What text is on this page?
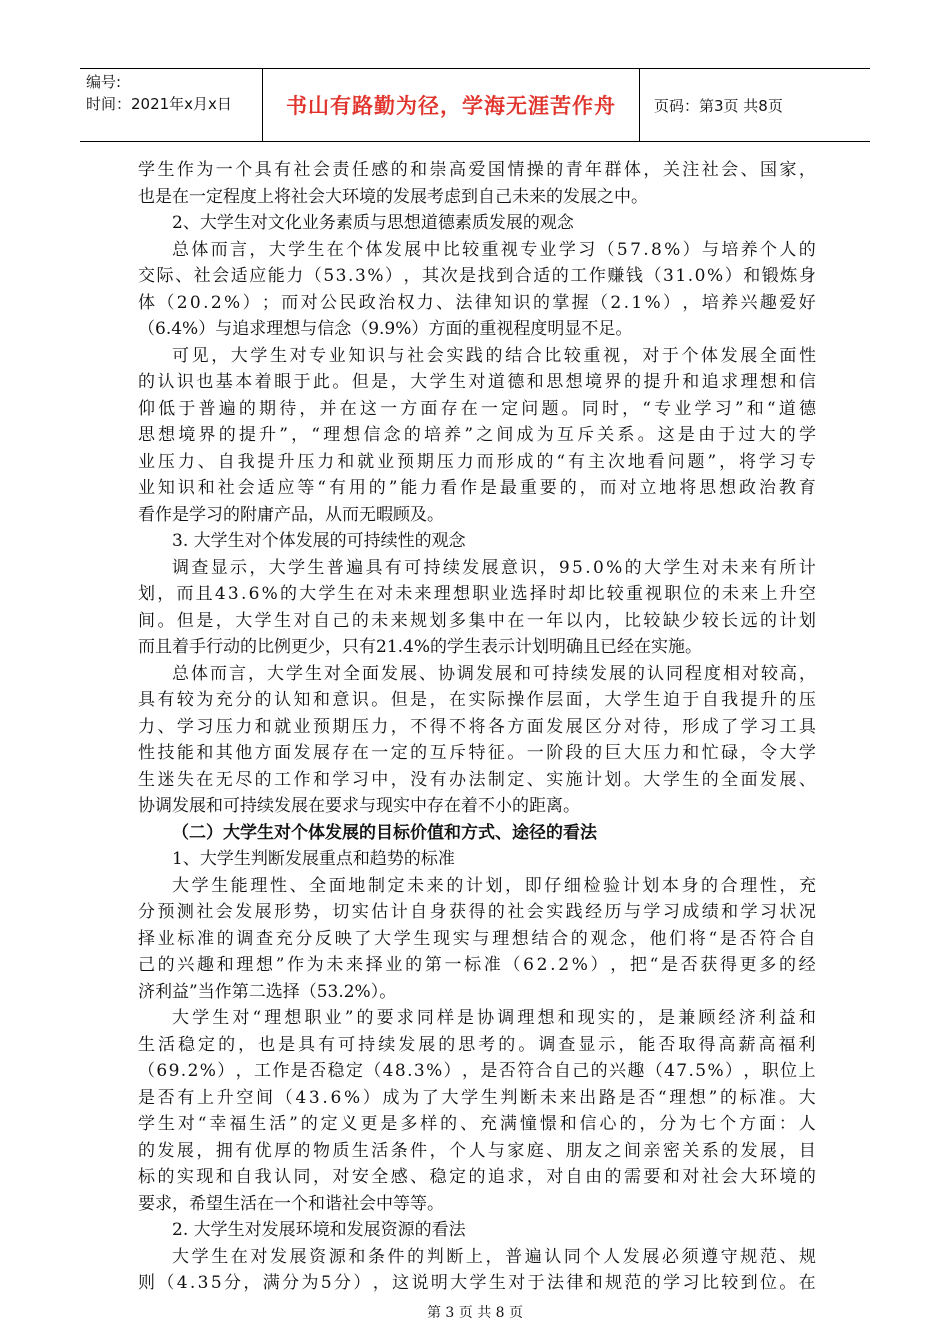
编号:
时间：2021年x月x日	书山有路勤为径，学海无涯苦作舟	页码：第3页 共8页
学 生 作 为 一 个 具 有 社 会 责 任 感 的 和 崇 高 爱 国 情 操 的 青 年 群 体 ， 关 注 社 会 、 国 家 ，
也是在一定程度上将社会大环境的发展考虑到自己未来的发展之中。
2、大学生对文化业务素质与思想道德素质发展的观念
总 体 而 言 ， 大 学 生 在 个 体 发 展 中 比 较 重 视 专 业 学 习 （ 5 7 . 8 % ） 与 培 养 个 人 的
交 际 、 社 会 适 应 能 力 （ 5 3 . 3 % ） ， 其 次 是 找 到 合 适 的 工 作 赚 钱 （ 3 1 . 0 % ） 和 锻 炼 身
体 （ 2 0 . 2 % ） ； 而 对 公 民 政 治 权 力 、 法 律 知 识 的 掌 握 （ 2 . 1 % ） ， 培 养 兴 趣 爱 好
（6.4%）与追求理想与信念（9.9%）方面的重视程度明显不足。
可 见 ， 大 学 生 对 专 业 知 识 与 社 会 实 践 的 结 合 比 较 重 视 ， 对 于 个 体 发 展 全 面 性
的 认 识 也 基 本 着 眼 于 此 。 但 是 ， 大 学 生 对 道 德 和 思 想 境 界 的 提 升 和 追 求 理 想 和 信
仰 低 于 普 遍 的 期 待 ， 并 在 这 一 方 面 存 在 一 定 问 题 。 同 时 ， “ 专 业 学 习 ” 和 “ 道 德
思 想 境 界 的 提 升 ” ， “ 理 想 信 念 的 培 养 ” 之 间 成 为 互 斥 关 系 。 这 是 由 于 过 大 的 学
业 压 力 、 自 我 提 升 压 力 和 就 业 预 期 压 力 而 形 成 的 “ 有 主 次 地 看 问 题 ” ， 将 学 习 专
业 知 识 和 社 会 适 应 等 “ 有 用 的 ” 能 力 看 作 是 最 重 要 的 ， 而 对 立 地 将 思 想 政 治 教 育
看作是学习的附庸产品，从而无暇顾及。
3. 大学生对个体发展的可持续性的观念
调 查 显 示 ， 大 学 生 普 遍 具 有 可 持 续 发 展 意 识 ， 9 5 . 0 % 的 大 学 生 对 未 来 有 所 计
划 ， 而 且 4 3 . 6 % 的 大 学 生 在 对 未 来 理 想 职 业 选 择 时 却 比 较 重 视 职 位 的 未 来 上 升 空
间 。 但 是 ， 大 学 生 对 自 己 的 未 来 规 划 多 集 中 在 一 年 以 内 ， 比 较 缺 少 较 长 远 的 计 划
而且着手行动的比例更少，只有21.4%的学生表示计划明确且已经在实施。
总 体 而 言 ， 大 学 生 对 全 面 发 展 、 协 调 发 展 和 可 持 续 发 展 的 认 同 程 度 相 对 较 高 ，
具 有 较 为 充 分 的 认 知 和 意 识 。 但 是 ， 在 实 际 操 作 层 面 ， 大 学 生 迫 于 自 我 提 升 的 压
力 、 学 习 压 力 和 就 业 预 期 压 力 ， 不 得 不 将 各 方 面 发 展 区 分 对 待 ， 形 成 了 学 习 工 具
性 技 能 和 其 他 方 面 发 展 存 在 一 定 的 互 斥 特 征 。 一 阶 段 的 巨 大 压 力 和 忙 碌 ， 令 大 学
生 迷 失 在 无 尽 的 工 作 和 学 习 中 ， 没 有 办 法 制 定 、 实 施 计 划 。 大 学 生 的 全 面 发 展 、
协调发展和可持续发展在要求与现实中存在着不小的距离。
（二）大学生对个体发展的目标价值和方式、途径的看法
1、大学生判断发展重点和趋势的标准
大 学 生 能 理 性 、 全 面 地 制 定 未 来 的 计 划 ， 即 仔 细 检 验 计 划 本 身 的 合 理 性 ， 充
分 预 测 社 会 发 展 形 势 ， 切 实 估 计 自 身 获 得 的 社 会 实 践 经 历 与 学 习 成 绩 和 学 习 状 况
择 业 标 准 的 调 查 充 分 反 映 了 大 学 生 现 实 与 理 想 结 合 的 观 念 ， 他 们 将 “ 是 否 符 合 自
己 的 兴 趣 和 理 想 ” 作 为 未 来 择 业 的 第 一 标 准 （ 6 2 . 2 % ） ， 把 “ 是 否 获 得 更 多 的 经
济利益”当作第二选择（53.2%）。
大 学 生 对 “ 理 想 职 业 ” 的 要 求 同 样 是 协 调 理 想 和 现 实 的 ， 是 兼 顾 经 济 利 益 和
生 活 稳 定 的 ， 也 是 具 有 可 持 续 发 展 的 思 考 的 。 调 查 显 示 ， 能 否 取 得 高 薪 高 福 利
（ 6 9 . 2 % ） ， 工 作 是 否 稳 定 （ 4 8 . 3 % ） ， 是 否 符 合 自 己 的 兴 趣 （ 4 7 . 5 % ） ， 职 位 上
是 否 有 上 升 空 间 （ 4 3 . 6 % ） 成 为 了 大 学 生 判 断 未 来 出 路 是 否 “ 理 想 ” 的 标 准 。 大
学 生 对 “ 幸 福 生 活 ” 的 定 义 更 是 多 样 的 、 充 满 憧 憬 和 信 心 的 ， 分 为 七 个 方 面 ： 人
的 发 展 ， 拥 有 优 厚 的 物 质 生 活 条 件 ， 个 人 与 家 庭 、 朋 友 之 间 亲 密 关 系 的 发 展 ， 目
标 的 实 现 和 自 我 认 同 ， 对 安 全 感 、 稳 定 的 追 求 ， 对 自 由 的 需 要 和 对 社 会 大 环 境 的
要求，希望生活在一个和谐社会中等等。
2. 大学生对发展环境和发展资源的看法
大 学 生 在 对 发 展 资 源 和 条 件 的 判 断 上 ， 普 遍 认 同 个 人 发 展 必 须 遵 守 规 范 、 规
则 （ 4 . 3 5 分 ， 满 分 为 5 分 ） ， 这 说 明 大 学 生 对 于 法 律 和 规 范 的 学 习 比 较 到 位 。 在
第 3 页 共 8 页
